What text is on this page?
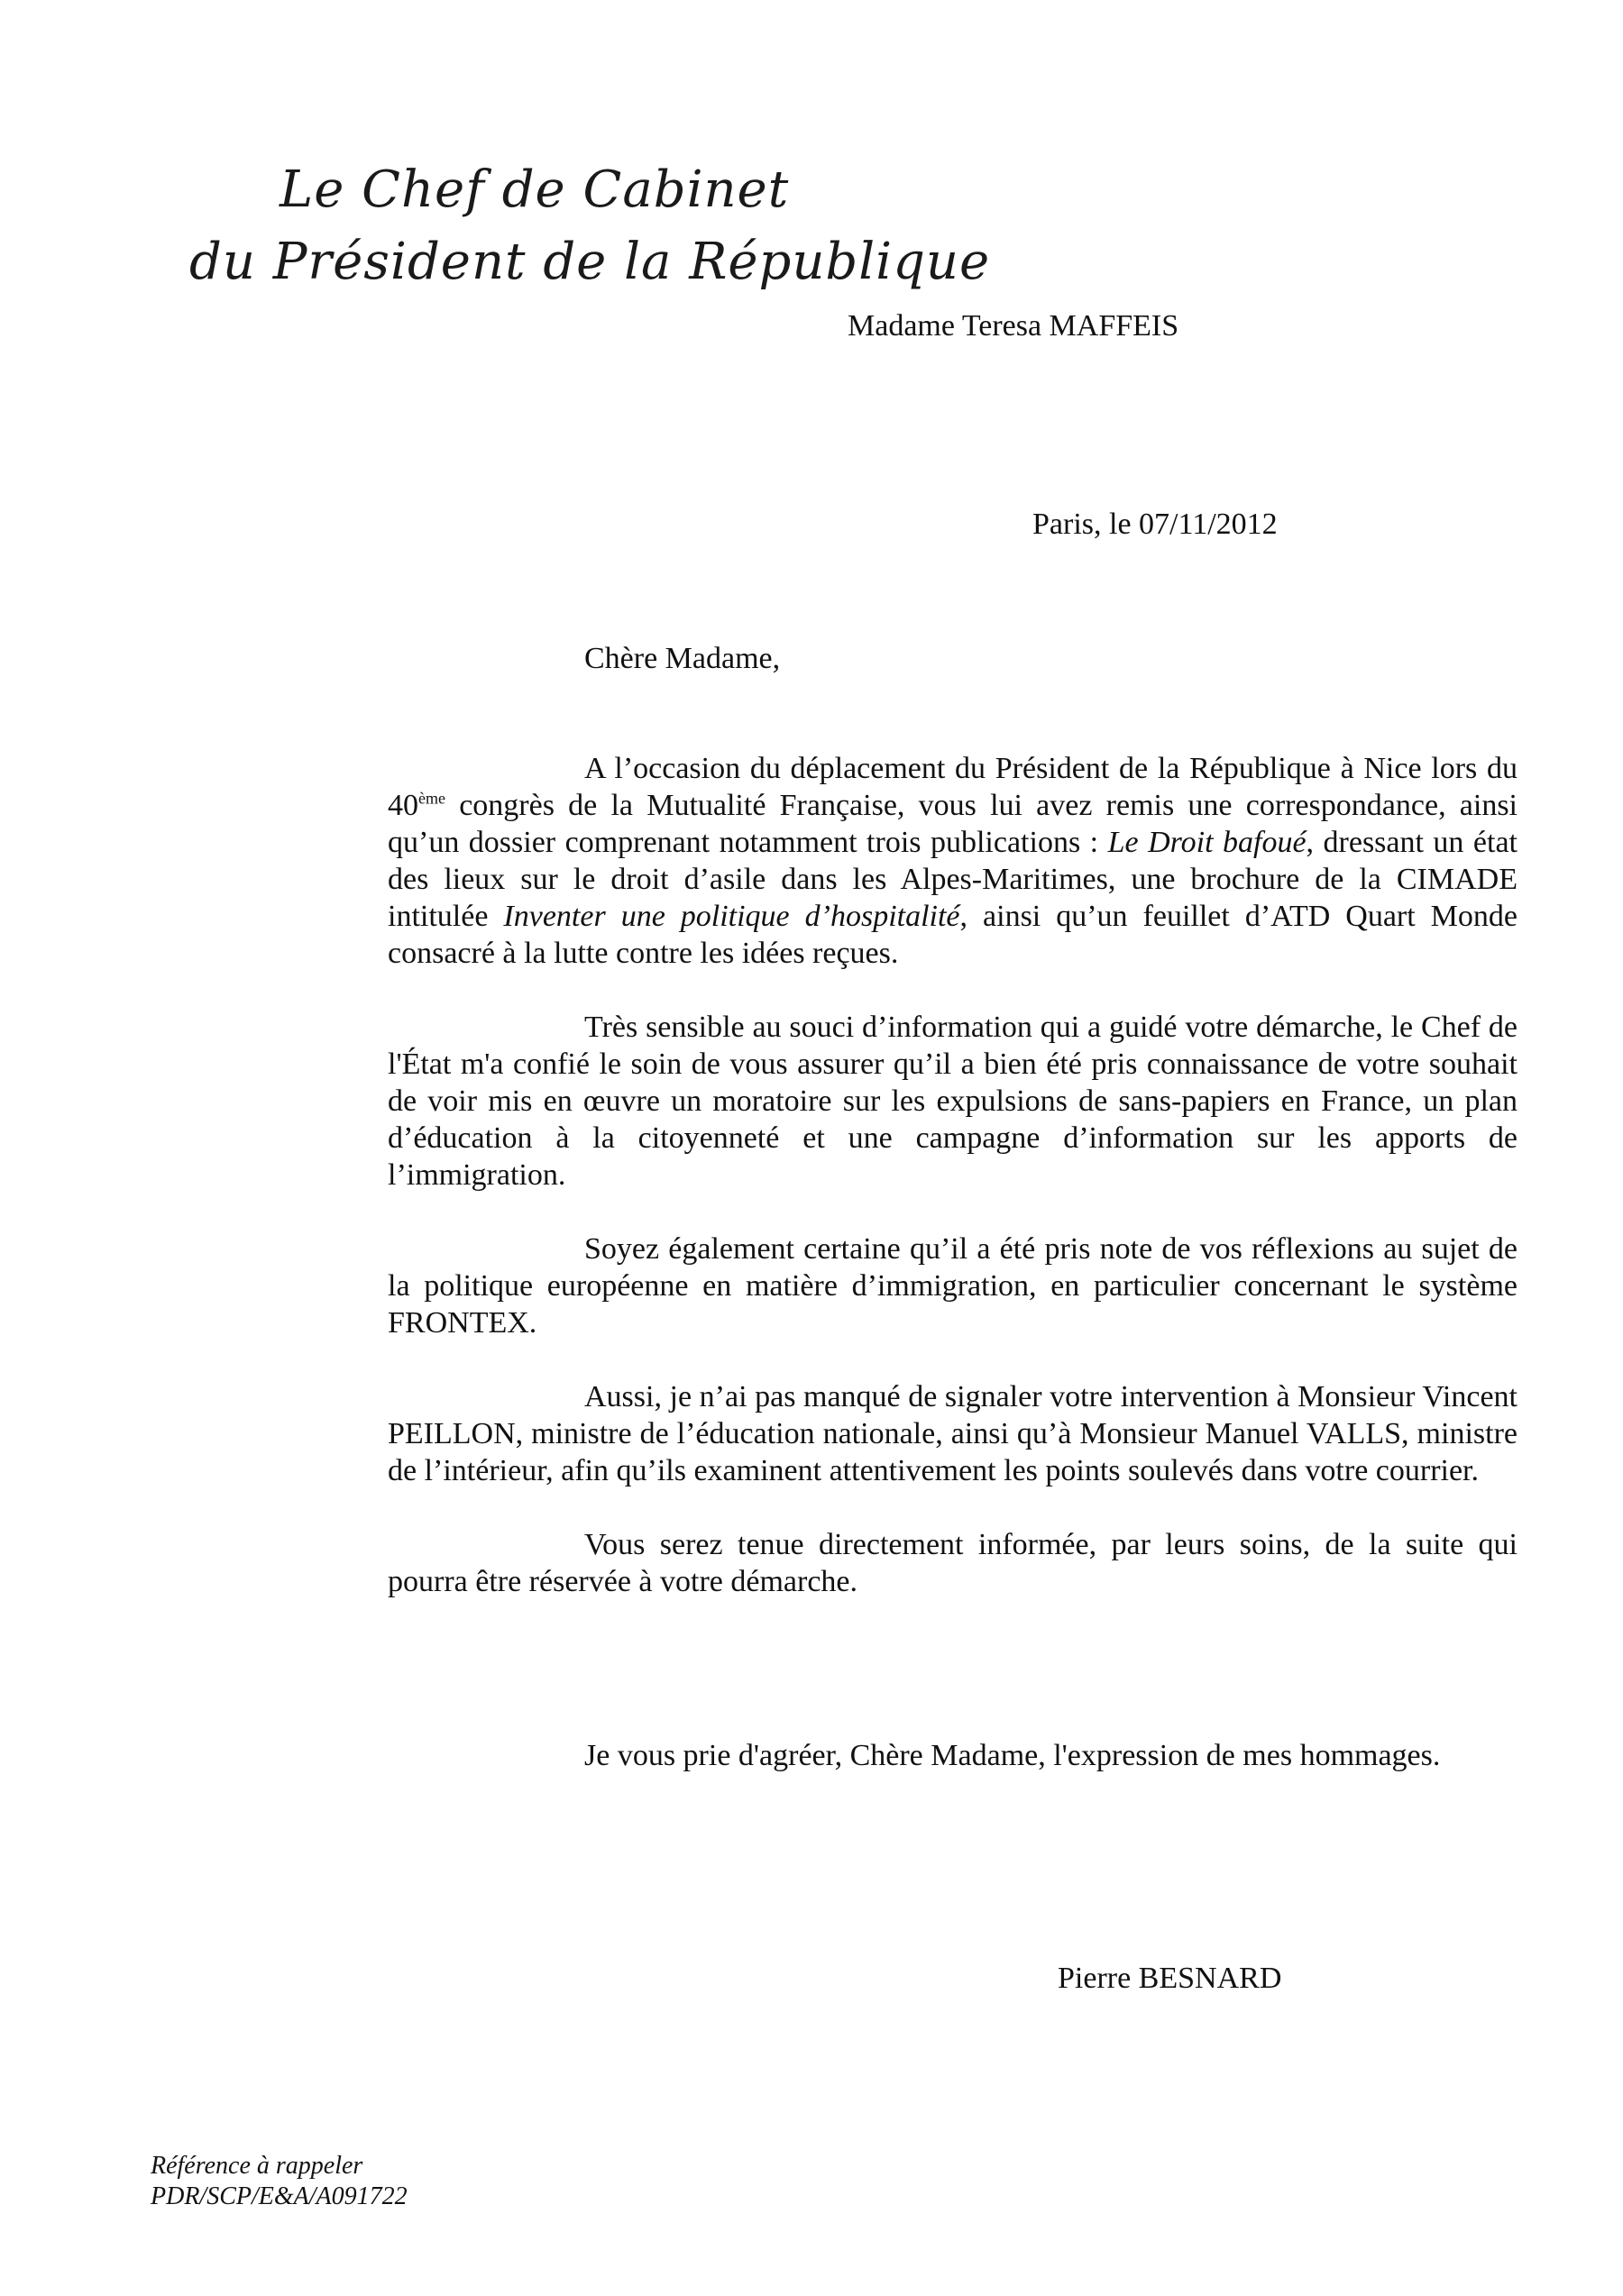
Le Chef de Cabinet
du Président de la République
Madame Teresa MAFFEIS
Paris, le 07/11/2012
Chère Madame,

A l’occasion du déplacement du Président de la République à Nice lors du 40ème congrès de la Mutualité Française, vous lui avez remis une correspondance, ainsi qu’un dossier comprenant notamment trois publications : Le Droit bafoué, dressant un état des lieux sur le droit d’asile dans les Alpes-Maritimes, une brochure de la CIMADE intitulée Inventer une politique d’hospitalité, ainsi qu’un feuillet d’ATD Quart Monde consacré à la lutte contre les idées reçues.

Très sensible au souci d’information qui a guidé votre démarche, le Chef de l'État m'a confié le soin de vous assurer qu’il a bien été pris connaissance de votre souhait de voir mis en œuvre un moratoire sur les expulsions de sans-papiers en France, un plan d’éducation à la citoyenneté et une campagne d’information sur les apports de l’immigration.

Soyez également certaine qu’il a été pris note de vos réflexions au sujet de la politique européenne en matière d’immigration, en particulier concernant le système FRONTEX.

Aussi, je n’ai pas manqué de signaler votre intervention à Monsieur Vincent PEILLON, ministre de l’éducation nationale, ainsi qu’à Monsieur Manuel VALLS, ministre de l’intérieur, afin qu’ils examinent attentivement les points soulevés dans votre courrier.

Vous serez tenue directement informée, par leurs soins, de la suite qui pourra être réservée à votre démarche.

Je vous prie d'agréer, Chère Madame, l'expression de mes hommages.
Pierre BESNARD
Référence à rappeler
PDR/SCP/E&A/A091722
